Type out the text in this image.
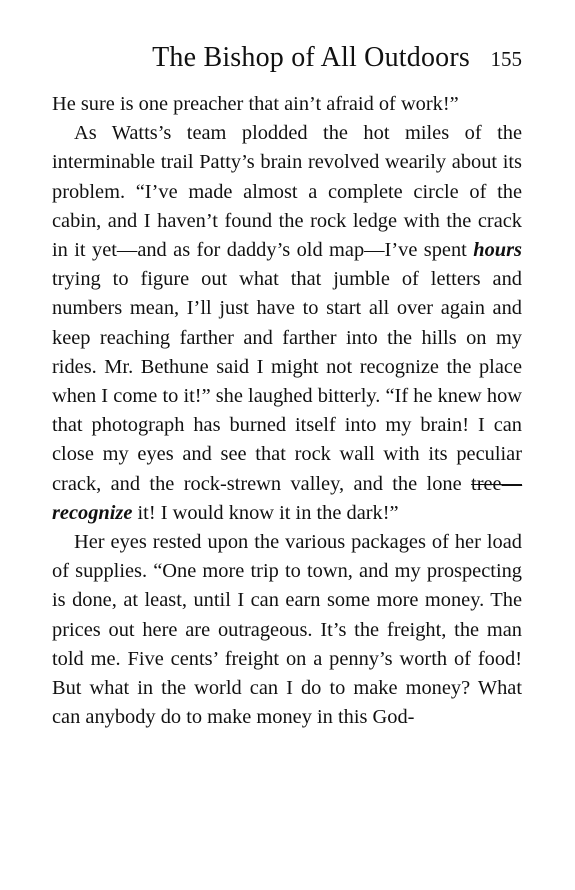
The Bishop of All Outdoors 155

He sure is one preacher that ain’t afraid of work!”

As Watts’s team plodded the hot miles of the interminable trail Patty’s brain revolved wearily about its problem. “I’ve made almost a complete circle of the cabin, and I haven’t found the rock ledge with the crack in it yet—and as for daddy’s old map—I’ve spent hours trying to figure out what that jumble of letters and numbers mean, I’ll just have to start all over again and keep reaching farther and farther into the hills on my rides. Mr. Bethune said I might not recognize the place when I come to it!” she laughed bitterly. “If he knew how that photograph has burned itself into my brain! I can close my eyes and see that rock wall with its peculiar crack, and the rock-strewn valley, and the lone tree—recognize it! I would know it in the dark!”

Her eyes rested upon the various packages of her load of supplies. “One more trip to town, and my prospecting is done, at least, until I can earn some more money. The prices out here are outrageous. It’s the freight, the man told me. Five cents’ freight on a penny’s worth of food! But what in the world can I do to make money? What can anybody do to make money in this God-
